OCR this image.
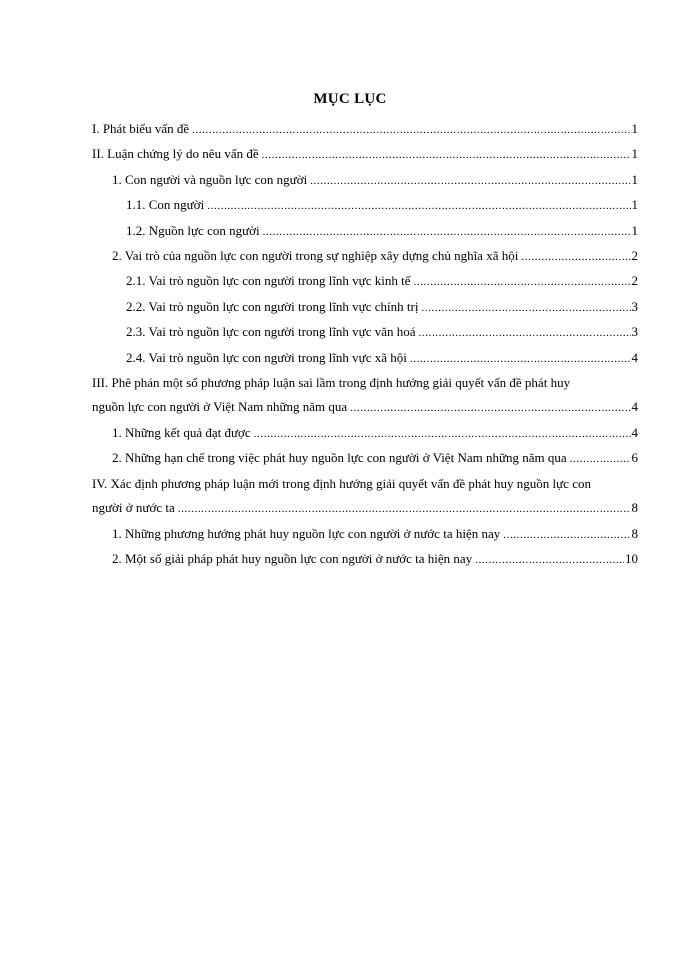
MỤC LỤC
I. Phát biểu vấn đề .....	1
II. Luận chứng lý do nêu vấn đề .....	1
1. Con người và nguồn lực con người .....	1
1.1. Con người .....	1
1.2. Nguồn lực con người .....	1
2. Vai trò của nguồn lực con người trong sự nghiệp xây dựng chủ nghĩa xã hội .....	2
2.1. Vai trò nguồn lực con người trong lĩnh vực kinh tế .....	2
2.2. Vai trò nguồn lực con người trong lĩnh vực chính trị .....	3
2.3. Vai trò nguồn lực con người trong lĩnh vực văn hoá .....	3
2.4. Vai trò nguồn lực con người trong lĩnh vực xã hội .....	4
III. Phê phán một số phương pháp luận sai lầm trong định hướng giải quyết vấn đề phát huy
nguồn lực con người ở Việt Nam những năm qua .....	4
1. Những kết quả đạt được .....	4
2. Những hạn chế trong việc phát huy nguồn lực con người ở Việt Nam những năm qua .....	6
IV. Xác định phương pháp luận mới trong định hướng giải quyết vấn đề phát huy nguồn lực con
người ở nước ta .....	8
1. Những phương hướng phát huy nguồn lực con người ở nước ta hiện nay .....	8
2. Một số giải pháp phát huy nguồn lực con người ở nước ta hiện nay .....	10
